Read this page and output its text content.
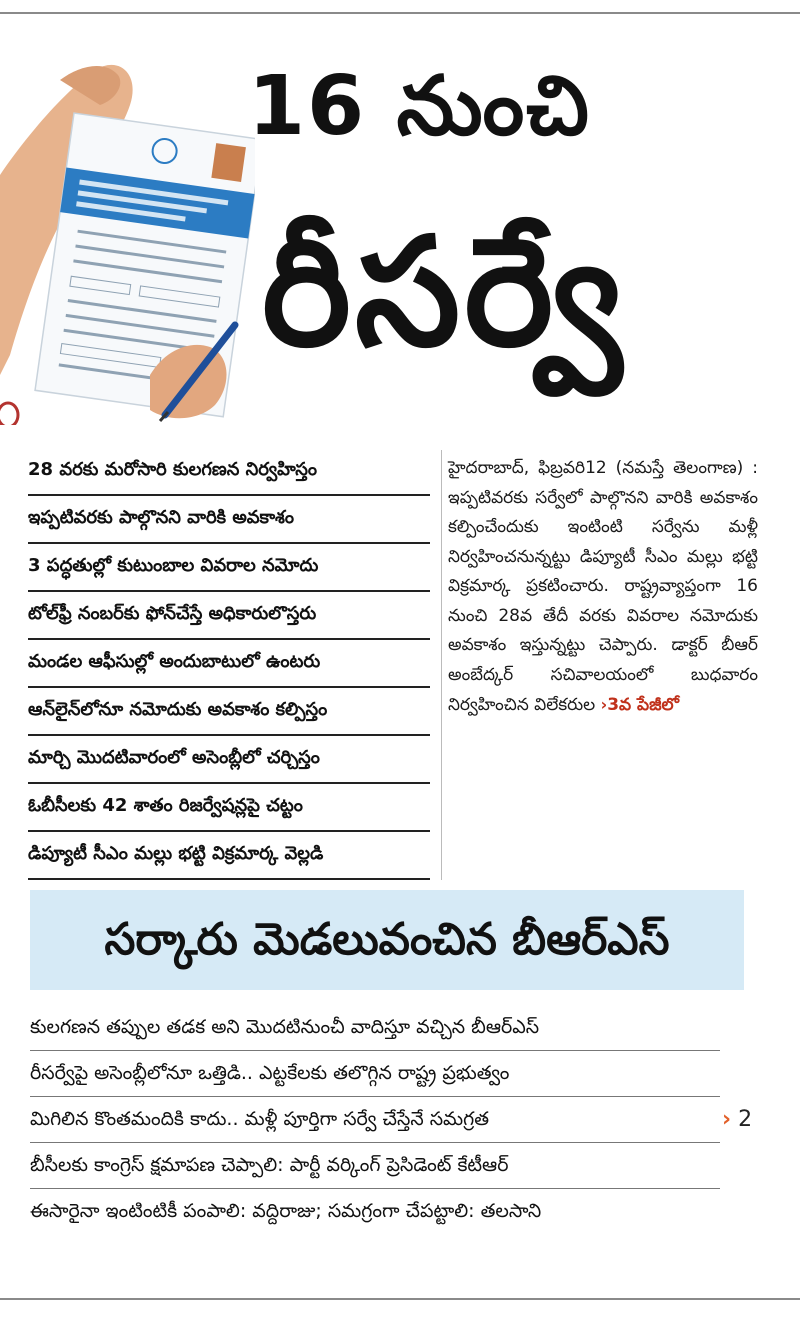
16 నుంచి
రీసర్వే
28 వరకు మరోసారి కులగణన నిర్వహిస్తం
ఇప్పటివరకు పాల్గొనని వారికి అవకాశం
3 పద్ధతుల్లో కుటుంబాల వివరాల నమోదు
టోల్‌ఫ్రీ నంబర్‌కు ఫోన్‌చేస్తే అధికారులొస్తరు
మండల ఆఫీసుల్లో అందుబాటులో ఉంటరు
ఆన్‌లైన్‌లోనూ నమోదుకు అవకాశం కల్పిస్తం
మార్చి మొదటివారంలో అసెంబ్లీలో చర్చిస్తం
ఓబీసీలకు 42 శాతం రిజర్వేషన్లపై చట్టం
డిప్యూటీ సీఎం మల్లు భట్టి విక్రమార్క వెల్లడి
హైదరాబాద్, ఫిబ్రవరి12 (నమస్తే తెలంగాణ) : ఇప్పటివరకు సర్వేలో పాల్గొనని వారికి అవకాశం కల్పించేందుకు ఇంటింటి సర్వేను మళ్లీ నిర్వహించనున్నట్టు డిప్యూటీ సీఎం మల్లు భట్టి విక్రమార్క ప్రకటించారు. రాష్ట్రవ్యాప్తంగా 16 నుంచి 28వ తేదీ వరకు వివరాల నమోదుకు అవకాశం ఇస్తున్నట్టు చెప్పారు. డాక్టర్ బీఆర్ అంబేద్కర్ సచివాలయంలో బుధవారం నిర్వహించిన విలేకరుల ›3వ పేజీలో
సర్కారు మెడలువంచిన బీఆర్‌ఎస్
కులగణన తప్పుల తడక అని మొదటినుంచీ వాదిస్తూ వచ్చిన బీఆర్‌ఎస్
రీసర్వేపై అసెంబ్లీలోనూ ఒత్తిడి.. ఎట్టకేలకు తలొగ్గిన రాష్ట్ర ప్రభుత్వం
మిగిలిన కొంతమందికి కాదు.. మళ్లీ పూర్తిగా సర్వే చేస్తేనే సమగ్రత
బీసీలకు కాంగ్రెస్ క్షమాపణ చెప్పాలి: పార్టీ వర్కింగ్ ప్రెసిడెంట్ కేటీఆర్
ఈసారైనా ఇంటింటికీ పంపాలి: వద్దిరాజు; సమగ్రంగా చేపట్టాలి: తలసాని
› 2
